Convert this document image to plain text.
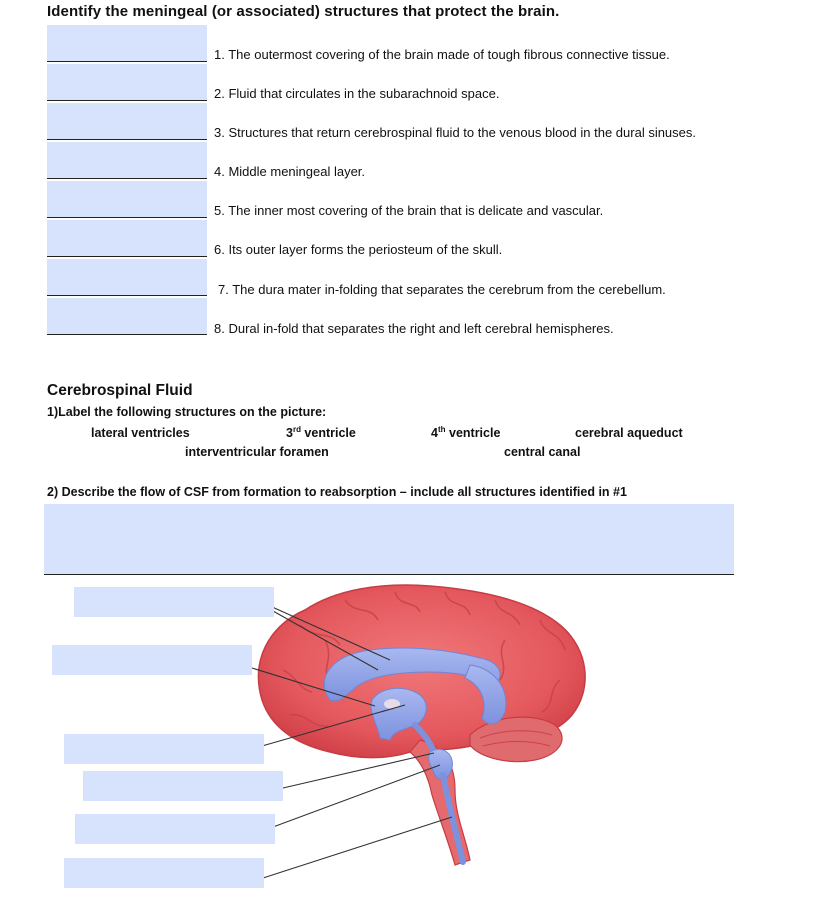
Identify the meningeal (or associated) structures that protect the brain.
1. The outermost covering of the brain made of tough fibrous connective tissue.
2. Fluid that circulates in the subarachnoid space.
3. Structures that return cerebrospinal fluid to the venous blood in the dural sinuses.
4. Middle meningeal layer.
5. The inner most covering of the brain that is delicate and vascular.
6. Its outer layer forms the periosteum of the skull.
7. The dura mater in-folding that separates the cerebrum from the cerebellum.
8. Dural in-fold that separates the right and left cerebral hemispheres.
Cerebrospinal Fluid
1)Label the following structures on the picture:
lateral ventricles	3rd ventricle	4th ventricle	cerebral aqueduct
interventricular foramen	central canal
2) Describe the flow of CSF from formation to reabsorption – include all structures identified in #1
